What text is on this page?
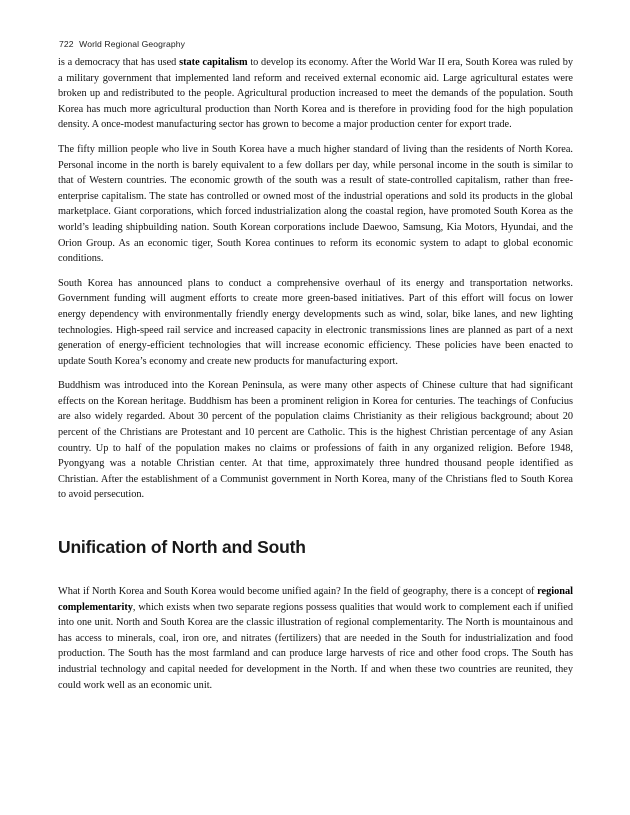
722 World Regional Geography

is a democracy that has used state capitalism to develop its economy. After the World War II era, South Korea was ruled by a military government that implemented land reform and received external economic aid. Large agricultural estates were broken up and redistributed to the people. Agricultural production increased to meet the demands of the population. South Korea has much more agricultural production than North Korea and is therefore in providing food for the high population density. A once-modest manufacturing sector has grown to become a major production center for export trade.

The fifty million people who live in South Korea have a much higher standard of living than the residents of North Korea. Personal income in the north is barely equivalent to a few dollars per day, while personal income in the south is similar to that of Western countries. The economic growth of the south was a result of state-controlled capitalism, rather than free-enterprise capitalism. The state has controlled or owned most of the industrial operations and sold its products in the global marketplace. Giant corporations, which forced industrialization along the coastal region, have promoted South Korea as the world’s leading shipbuilding nation. South Korean corporations include Daewoo, Samsung, Kia Motors, Hyundai, and the Orion Group. As an economic tiger, South Korea continues to reform its economic system to adapt to global economic conditions.

South Korea has announced plans to conduct a comprehensive overhaul of its energy and transportation networks. Government funding will augment efforts to create more green-based initiatives. Part of this effort will focus on lower energy dependency with environmentally friendly energy developments such as wind, solar, bike lanes, and new lighting technologies. High-speed rail service and increased capacity in electronic transmissions lines are planned as part of a next generation of energy-efficient technologies that will increase economic efficiency. These policies have been enacted to update South Korea’s economy and create new products for manufacturing export.

Buddhism was introduced into the Korean Peninsula, as were many other aspects of Chinese culture that had significant effects on the Korean heritage. Buddhism has been a prominent religion in Korea for centuries. The teachings of Confucius are also widely regarded. About 30 percent of the population claims Christianity as their religious background; about 20 percent of the Christians are Protestant and 10 percent are Catholic. This is the highest Christian percentage of any Asian country. Up to half of the population makes no claims or professions of faith in any organized religion. Before 1948, Pyongyang was a notable Christian center. At that time, approximately three hundred thousand people identified as Christian. After the establishment of a Communist government in North Korea, many of the Christians fled to South Korea to avoid persecution.

Unification of North and South

What if North Korea and South Korea would become unified again? In the field of geography, there is a concept of regional complementarity, which exists when two separate regions possess qualities that would work to complement each if unified into one unit. North and South Korea are the classic illustration of regional complementarity. The North is mountainous and has access to minerals, coal, iron ore, and nitrates (fertilizers) that are needed in the South for industrialization and food production. The South has the most farmland and can produce large harvests of rice and other food crops. The South has industrial technology and capital needed for development in the North. If and when these two countries are reunited, they could work well as an economic unit.
